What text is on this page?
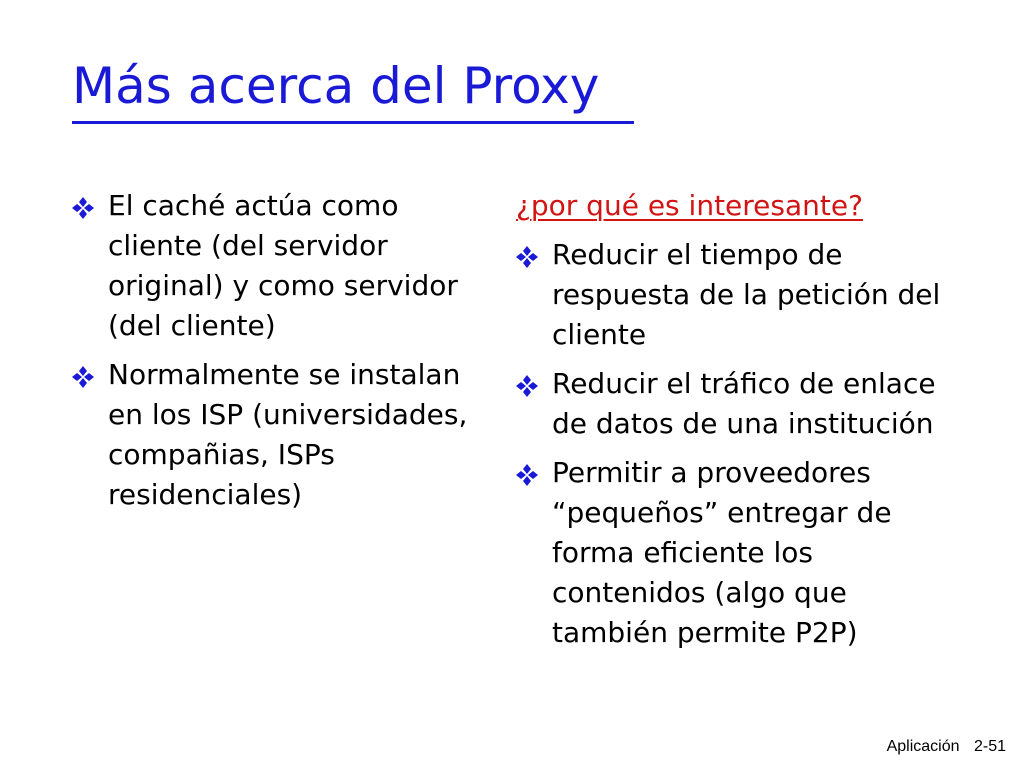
Más acerca del Proxy
El caché actúa como cliente (del servidor original) y como servidor (del cliente)
Normalmente se instalan en los ISP (universidades, compañias, ISPs residenciales)
¿por qué es interesante?
Reducir el tiempo de respuesta de la petición del cliente
Reducir el tráfico de enlace de datos de una institución
Permitir a proveedores “pequeños” entregar de forma eficiente los contenidos (algo que también permite P2P)
Aplicación 2-51
